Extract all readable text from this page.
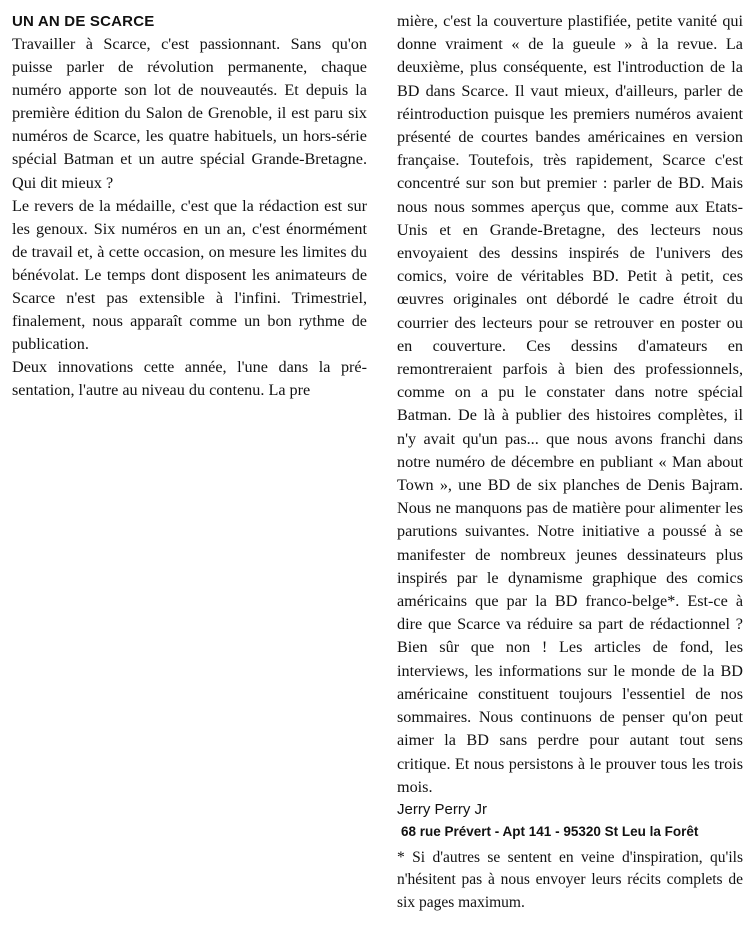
UN AN DE SCARCE

Travailler à Scarce, c'est passionnant. Sans qu'on puisse parler de révolution permanente, chaque numéro apporte son lot de nouveautés. Et depuis la première édition du Salon de Grenoble, il est paru six numéros de Scarce, les quatre habituels, un hors-série spécial Batman et un autre spécial Grande-Bretagne. Qui dit mieux ?

Le revers de la médaille, c'est que la rédaction est sur les genoux. Six numéros en un an, c'est énormément de travail et, à cette occasion, on mesure les limites du bénévolat. Le temps dont disposent les animateurs de Scarce n'est pas extensible à l'infini. Trimestriel, finalement, nous apparaît comme un bon rythme de publication.

Deux innovations cette année, l'une dans la présentation, l'autre au niveau du contenu. La pre

mière, c'est la couverture plastifiée, petite vanité qui donne vraiment « de la gueule » à la revue. La deuxième, plus conséquente, est l'introduction de la BD dans Scarce. Il vaut mieux, d'ailleurs, parler de réintroduction puisque les premiers numéros avaient présenté de courtes bandes américaines en version française. Toutefois, très rapidement, Scarce c'est concentré sur son but premier : parler de BD. Mais nous nous sommes aperçus que, comme aux Etats-Unis et en Grande-Bretagne, des lecteurs nous envoyaient des dessins inspirés de l'univers des comics, voire de véritables BD. Petit à petit, ces œuvres originales ont débordé le cadre étroit du courrier des lecteurs pour se retrouver en poster ou en couverture. Ces dessins d'amateurs en remontreraient parfois à bien des professionnels, comme on a pu le constater dans notre spécial Batman. De là à publier des histoires complètes, il n'y avait qu'un pas... que nous avons franchi dans notre numéro de décembre en publiant « Man about Town », une BD de six planches de Denis Bajram. Nous ne manquons pas de matière pour alimenter les parutions suivantes. Notre initiative a poussé à se manifester de nombreux jeunes dessinateurs plus inspirés par le dynamisme graphique des comics américains que par la BD franco-belge*. Est-ce à dire que Scarce va réduire sa part de rédactionnel ? Bien sûr que non ! Les articles de fond, les interviews, les informations sur le monde de la BD américaine constituent toujours l'essentiel de nos sommaires. Nous continuons de penser qu'on peut aimer la BD sans perdre pour autant tout sens critique. Et nous persistons à le prouver tous les trois mois.

Jerry Perry Jr

68 rue Prévert - Apt 141 - 95320 St Leu la Forêt

* Si d'autres se sentent en veine d'inspiration, qu'ils n'hésitent pas à nous envoyer leurs récits complets de six pages maximum.
